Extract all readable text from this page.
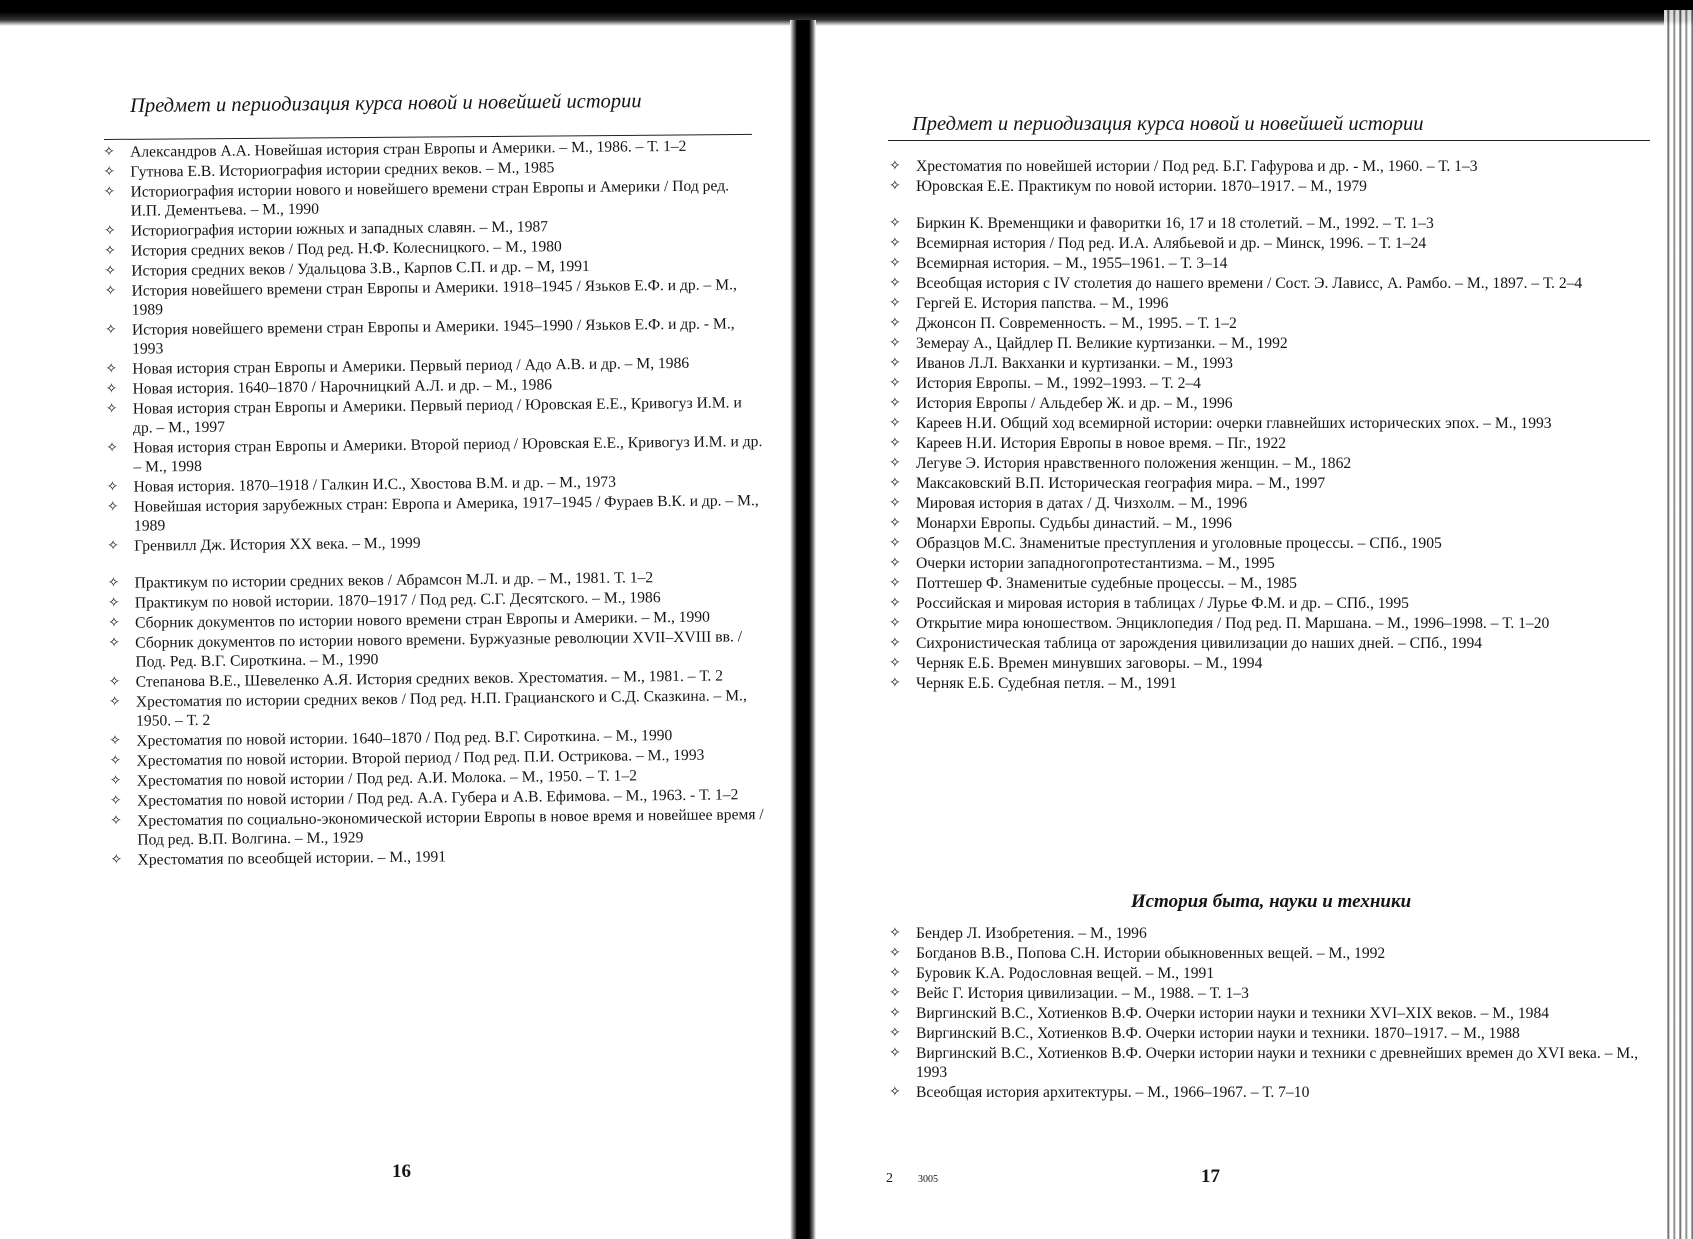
Предмет и периодизация курса новой и новейшей истории
✧ Александров А.А. Новейшая история стран Европы и Америки. – М., 1986. – Т. 1–2
✧ Гутнова Е.В. Историография истории средних веков. – М., 1985
✧ Историография истории нового и новейшего времени стран Европы и Америки / Под ред. И.П. Дементьева. – М., 1990
✧ Историография истории южных и западных славян. – М., 1987
✧ История средних веков / Под ред. Н.Ф. Колесницкого. – М., 1980
✧ История средних веков / Удальцова З.В., Карпов С.П. и др. – М, 1991
✧ История новейшего времени стран Европы и Америки. 1918–1945 / Язьков Е.Ф. и др. – М., 1989
✧ История новейшего времени стран Европы и Америки. 1945–1990 / Язьков Е.Ф. и др. - М., 1993
✧ Новая история стран Европы и Америки. Первый период / Адо А.В. и др. – М, 1986
✧ Новая история. 1640–1870 / Нарочницкий А.Л. и др. – М., 1986
✧ Новая история стран Европы и Америки. Первый период / Юровская Е.Е., Кривогуз И.М. и др. – М., 1997
✧ Новая история стран Европы и Америки. Второй период / Юровская Е.Е., Кривогуз И.М. и др. – М., 1998
✧ Новая история. 1870–1918 / Галкин И.С., Хвостова В.М. и др. – М., 1973
✧ Новейшая история зарубежных стран: Европа и Америка, 1917–1945 / Фураев В.К. и др. – М., 1989
✧ Гренвилл Дж. История XX века. – М., 1999
✧ Практикум по истории средних веков / Абрамсон М.Л. и др. – М., 1981. Т. 1–2
✧ Практикум по новой истории. 1870–1917 / Под ред. С.Г. Десятского. – М., 1986
✧ Сборник документов по истории нового времени стран Европы и Америки. – М., 1990
✧ Сборник документов по истории нового времени. Буржуазные революции XVII–XVIII вв. / Под. Ред. В.Г. Сироткина. – М., 1990
✧ Степанова В.Е., Шевеленко А.Я. История средних веков. Хрестоматия. – М., 1981. – Т. 2
✧ Хрестоматия по истории средних веков / Под ред. Н.П. Грацианского и С.Д. Сказкина. – М., 1950. – Т. 2
✧ Хрестоматия по новой истории. 1640–1870 / Под ред. В.Г. Сироткина. – М., 1990
✧ Хрестоматия по новой истории. Второй период / Под ред. П.И. Острикова. – М., 1993
✧ Хрестоматия по новой истории / Под ред. А.И. Молока. – М., 1950. – Т. 1–2
✧ Хрестоматия по новой истории / Под ред. А.А. Губера и А.В. Ефимова. – М., 1963. - Т. 1–2
✧ Хрестоматия по социально-экономической истории Европы в новое время и новейшее время / Под ред. В.П. Волгина. – М., 1929
✧ Хрестоматия по всеобщей истории. – М., 1991
16
Предмет и периодизация курса новой и новейшей истории
✧ Хрестоматия по новейшей истории / Под ред. Б.Г. Гафурова и др. - М., 1960. – Т. 1–3
✧ Юровская Е.Е. Практикум по новой истории. 1870–1917. – М., 1979
✧ Биркин К. Временщики и фаворитки 16, 17 и 18 столетий. – М., 1992. – Т. 1–3
✧ Всемирная история / Под ред. И.А. Алябьевой и др. – Минск, 1996. – Т. 1–24
✧ Всемирная история. – М., 1955–1961. – Т. 3–14
✧ Всеобщая история с IV столетия до нашего времени / Сост. Э. Лависс, А. Рамбо. – М., 1897. – Т. 2–4
✧ Гергей Е. История папства. – М., 1996
✧ Джонсон П. Современность. – М., 1995. – Т. 1–2
✧ Земерау А., Цайдлер П. Великие куртизанки. – М., 1992
✧ Иванов Л.Л. Вакханки и куртизанки. – М., 1993
✧ История Европы. – М., 1992–1993. – Т. 2–4
✧ История Европы / Альдебер Ж. и др. – М., 1996
✧ Кареев Н.И. Общий ход всемирной истории: очерки главнейших исторических эпох. – М., 1993
✧ Кареев Н.И. История Европы в новое время. – Пг., 1922
✧ Легуве Э. История нравственного положения женщин. – М., 1862
✧ Максаковский В.П. Историческая география мира. – М., 1997
✧ Мировая история в датах / Д. Чизхолм. – М., 1996
✧ Монархи Европы. Судьбы династий. – М., 1996
✧ Образцов М.С. Знаменитые преступления и уголовные процессы. – СПб., 1905
✧ Очерки истории западногопротестантизма. – М., 1995
✧ Поттешер Ф. Знаменитые судебные процессы. – М., 1985
✧ Российская и мировая история в таблицах / Лурье Ф.М. и др. – СПб., 1995
✧ Открытие мира юношеством. Энциклопедия / Под ред. П. Маршана. – М., 1996–1998. – Т. 1–20
✧ Сихронистическая таблица от зарождения цивилизации до наших дней. – СПб., 1994
✧ Черняк Е.Б. Времен минувших заговоры. – М., 1994
✧ Черняк Е.Б. Судебная петля. – М., 1991
История быта, науки и техники
✧ Бендер Л. Изобретения. – М., 1996
✧ Богданов В.В., Попова С.Н. Истории обыкновенных вещей. – М., 1992
✧ Буровик К.А. Родословная вещей. – М., 1991
✧ Вейс Г. История цивилизации. – М., 1988. – Т. 1–3
✧ Виргинский В.С., Хотиенков В.Ф. Очерки истории науки и техники XVI–XIX веков. – М., 1984
✧ Виргинский В.С., Хотиенков В.Ф. Очерки истории науки и техники. 1870–1917. – М., 1988
✧ Виргинский В.С., Хотиенков В.Ф. Очерки истории науки и техники с древнейших времен до XVI века. – М., 1993
✧ Всеобщая история архитектуры. – М., 1966–1967. – Т. 7–10
2	3005	17
